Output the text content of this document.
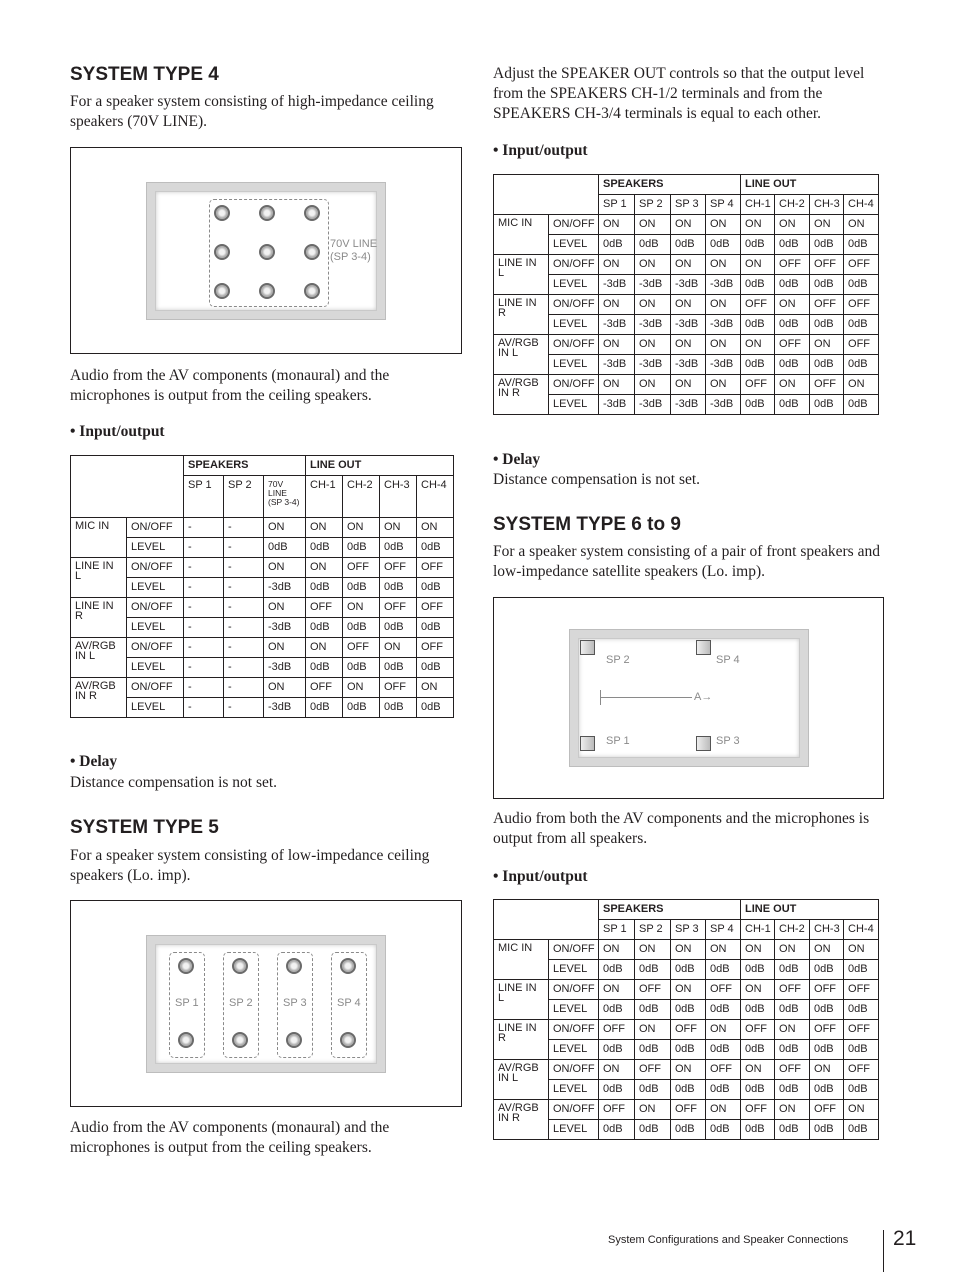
SYSTEM TYPE 4

For a speaker system consisting of high-impedance ceiling speakers (70V LINE).

70V LINE
(SP 3-4)

Audio from the AV components (monaural) and the microphones is output from the ceiling speakers.

• Input/output

		SPEAKERS			LINE OUT			
		SP 1	SP 2	70V
LINE
(SP 3-4)	CH-1	CH-2	CH-3	CH-4
MIC IN	ON/OFF	-	-	ON	ON	ON	ON	ON
	LEVEL	-	-	0dB	0dB	0dB	0dB	0dB
LINE IN
L	ON/OFF	-	-	ON	ON	OFF	OFF	OFF
	LEVEL	-	-	-3dB	0dB	0dB	0dB	0dB
LINE IN
R	ON/OFF	-	-	ON	OFF	ON	OFF	OFF
	LEVEL	-	-	-3dB	0dB	0dB	0dB	0dB
AV/RGB
IN L	ON/OFF	-	-	ON	ON	OFF	ON	OFF
	LEVEL	-	-	-3dB	0dB	0dB	0dB	0dB
AV/RGB
IN R	ON/OFF	-	-	ON	OFF	ON	OFF	ON
	LEVEL	-	-	-3dB	0dB	0dB	0dB	0dB

• Delay

Distance compensation is not set.

SYSTEM TYPE 5

For a speaker system consisting of low-impedance ceiling speakers (Lo. imp).

SP 1	SP 2	SP 3	SP 4

Audio from the AV components (monaural) and the microphones is output from the ceiling speakers.

Adjust the SPEAKER OUT controls so that the output level from the SPEAKERS CH-1/2 terminals and from the SPEAKERS CH-3/4 terminals is equal to each other.

• Input/output

		SPEAKERS				LINE OUT			
		SP 1	SP 2	SP 3	SP 4	CH-1	CH-2	CH-3	CH-4
MIC IN	ON/OFF	ON	ON	ON	ON	ON	ON	ON	ON
	LEVEL	0dB	0dB	0dB	0dB	0dB	0dB	0dB	0dB
LINE IN
L	ON/OFF	ON	ON	ON	ON	ON	OFF	OFF	OFF
	LEVEL	-3dB	-3dB	-3dB	-3dB	0dB	0dB	0dB	0dB
LINE IN
R	ON/OFF	ON	ON	ON	ON	OFF	ON	OFF	OFF
	LEVEL	-3dB	-3dB	-3dB	-3dB	0dB	0dB	0dB	0dB
AV/RGB
IN L	ON/OFF	ON	ON	ON	ON	ON	OFF	ON	OFF
	LEVEL	-3dB	-3dB	-3dB	-3dB	0dB	0dB	0dB	0dB
AV/RGB
IN R	ON/OFF	ON	ON	ON	ON	OFF	ON	OFF	ON
	LEVEL	-3dB	-3dB	-3dB	-3dB	0dB	0dB	0dB	0dB

• Delay

Distance compensation is not set.

SYSTEM TYPE 6 to 9

For a speaker system consisting of a pair of front speakers and low-impedance satellite speakers (Lo. imp).

SP 2	SP 4
SP 1	SP 3
A→

Audio from both the AV components and the microphones is output from all speakers.

• Input/output

		SPEAKERS				LINE OUT			
		SP 1	SP 2	SP 3	SP 4	CH-1	CH-2	CH-3	CH-4
MIC IN	ON/OFF	ON	ON	ON	ON	ON	ON	ON	ON
	LEVEL	0dB	0dB	0dB	0dB	0dB	0dB	0dB	0dB
LINE IN
L	ON/OFF	ON	OFF	ON	OFF	ON	OFF	OFF	OFF
	LEVEL	0dB	0dB	0dB	0dB	0dB	0dB	0dB	0dB
LINE IN
R	ON/OFF	OFF	ON	OFF	ON	OFF	ON	OFF	OFF
	LEVEL	0dB	0dB	0dB	0dB	0dB	0dB	0dB	0dB
AV/RGB
IN L	ON/OFF	ON	OFF	ON	OFF	ON	OFF	ON	OFF
	LEVEL	0dB	0dB	0dB	0dB	0dB	0dB	0dB	0dB
AV/RGB
IN R	ON/OFF	OFF	ON	OFF	ON	OFF	ON	OFF	ON
	LEVEL	0dB	0dB	0dB	0dB	0dB	0dB	0dB	0dB
System Configurations and Speaker Connections 21
